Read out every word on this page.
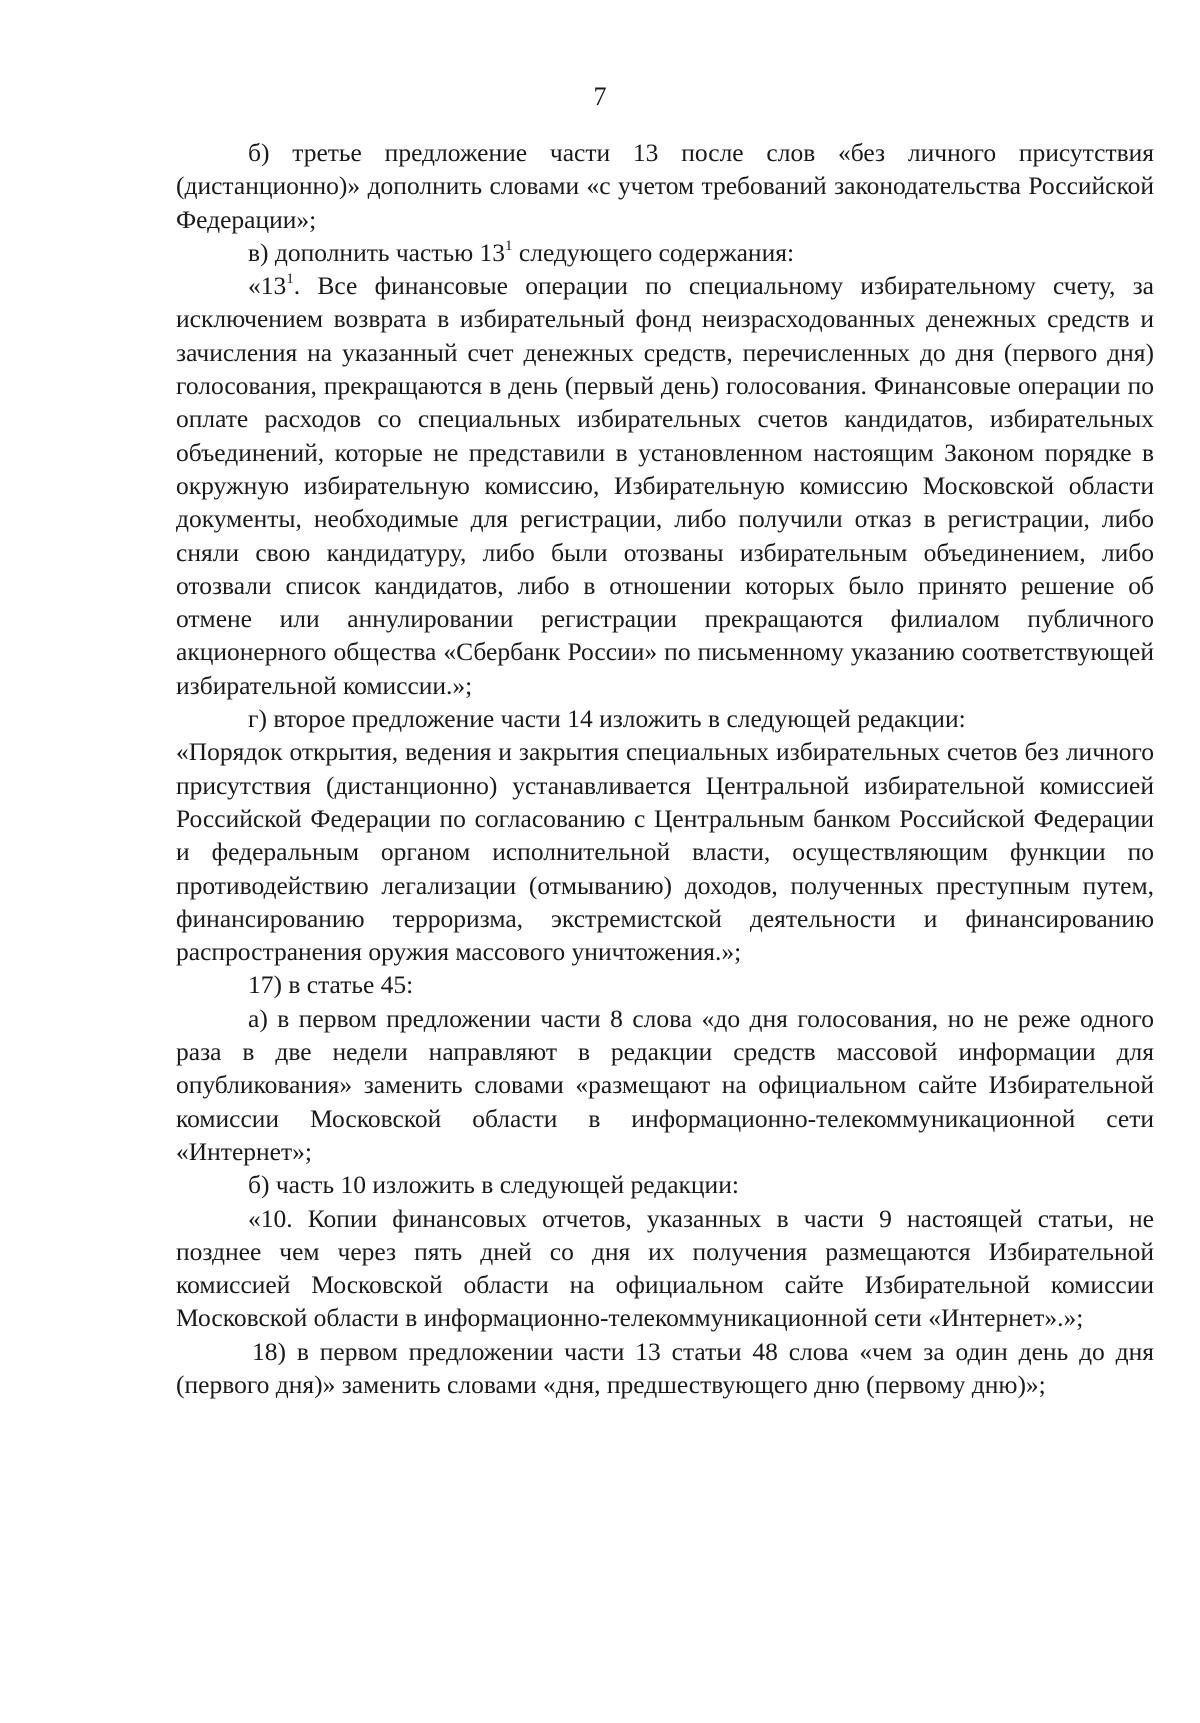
7

б) третье предложение части 13 после слов «без личного присутствия (дистанционно)» дополнить словами «с учетом требований законодательства Российской Федерации»;

в) дополнить частью $13^1$ следующего содержания:

«$13^1$. Все финансовые операции по специальному избирательному счету, за исключением возврата в избирательный фонд неизрасходованных денежных средств и зачисления на указанный счет денежных средств, перечисленных до дня (первого дня) голосования, прекращаются в день (первый день) голосования. Финансовые операции по оплате расходов со специальных избирательных счетов кандидатов, избирательных объединений, которые не представили в установленном настоящим Законом порядке в окружную избирательную комиссию, Избирательную комиссию Московской области документы, необходимые для регистрации, либо получили отказ в регистрации, либо сняли свою кандидатуру, либо были отозваны избирательным объединением, либо отозвали список кандидатов, либо в отношении которых было принято решение об отмене или аннулировании регистрации прекращаются филиалом публичного акционерного общества «Сбербанк России» по письменному указанию соответствующей избирательной комиссии.»;

г) второе предложение части 14 изложить в следующей редакции:

«Порядок открытия, ведения и закрытия специальных избирательных счетов без личного присутствия (дистанционно) устанавливается Центральной избирательной комиссией Российской Федерации по согласованию с Центральным банком Российской Федерации и федеральным органом исполнительной власти, осуществляющим функции по противодействию легализации (отмыванию) доходов, полученных преступным путем, финансированию терроризма, экстремистской деятельности и финансированию распространения оружия массового уничтожения.»;

17) в статье 45:

а) в первом предложении части 8 слова «до дня голосования, но не реже одного раза в две недели направляют в редакции средств массовой информации для опубликования» заменить словами «размещают на официальном сайте Избирательной комиссии Московской области в информационно-телекоммуникационной сети «Интернет»;

б) часть 10 изложить в следующей редакции:

«10. Копии финансовых отчетов, указанных в части 9 настоящей статьи, не позднее чем через пять дней со дня их получения размещаются Избирательной комиссией Московской области на официальном сайте Избирательной комиссии Московской области в информационно-телекоммуникационной сети «Интернет».»;

18) в первом предложении части 13 статьи 48 слова «чем за один день до дня (первого дня)» заменить словами «дня, предшествующего дню (первому дню)»;
